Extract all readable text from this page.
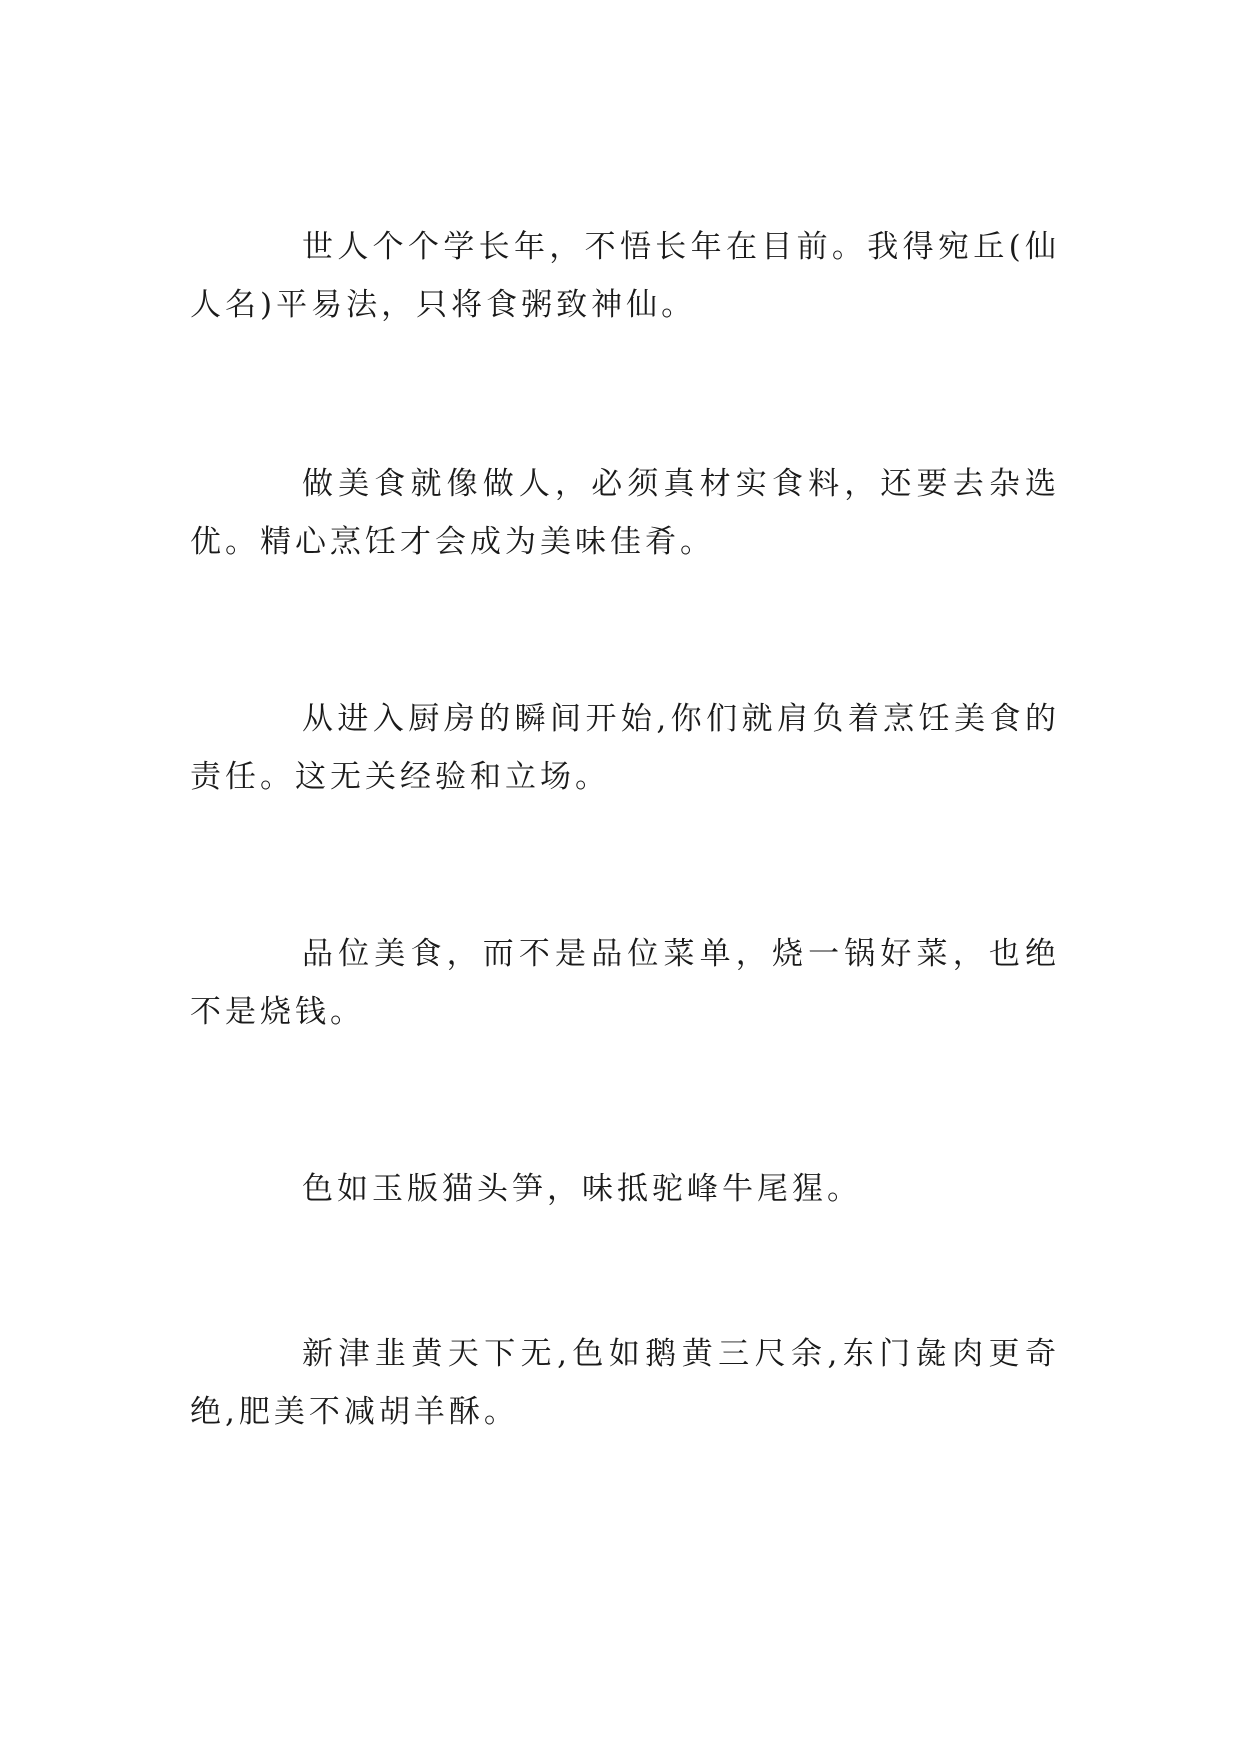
世人个个学长年，不悟长年在目前。我得宛丘(仙人名)平易法，只将食粥致神仙。

做美食就像做人，必须真材实食料，还要去杂选优。精心烹饪才会成为美味佳肴。

从进入厨房的瞬间开始,你们就肩负着烹饪美食的责任。这无关经验和立场。

品位美食，而不是品位菜单，烧一锅好菜，也绝不是烧钱。

色如玉版猫头笋，味抵驼峰牛尾猩。

新津韭黄天下无,色如鹅黄三尺余,东门彘肉更奇绝,肥美不减胡羊酥。
